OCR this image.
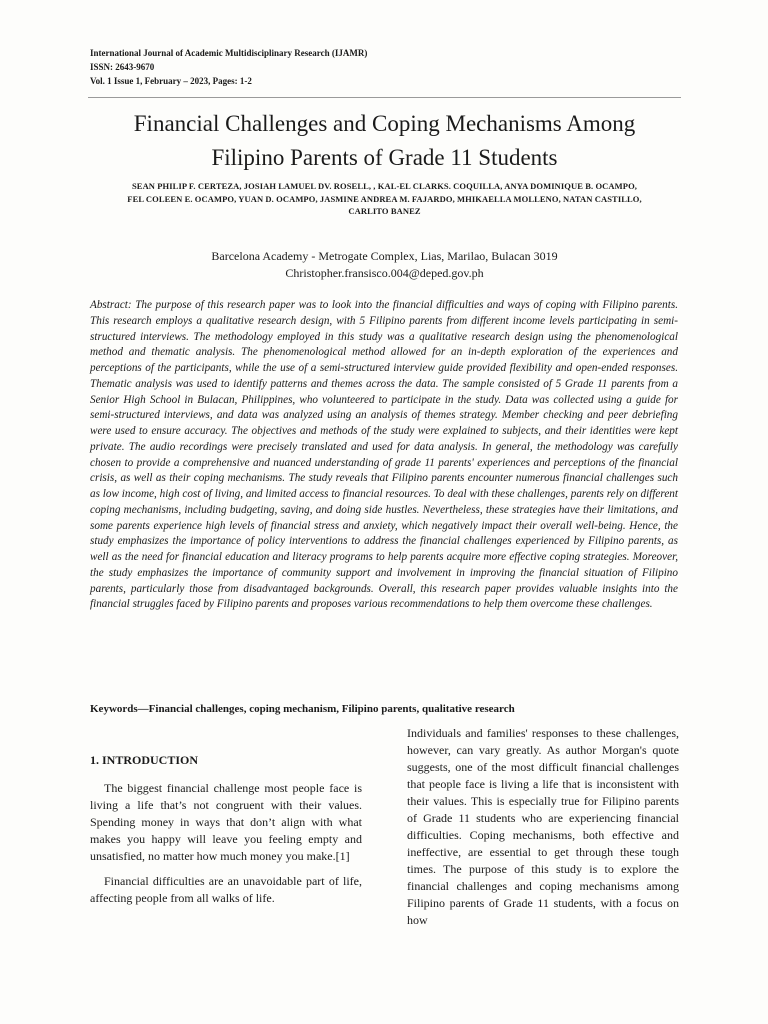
International Journal of Academic Multidisciplinary Research (IJAMR)
ISSN: 2643-9670
Vol. 1 Issue 1, February – 2023, Pages: 1-2
Financial Challenges and Coping Mechanisms Among
Filipino Parents of Grade 11 Students
SEAN PHILIP F. CERTEZA, JOSIAH LAMUEL DV. ROSELL, , KAL-EL CLARKS. COQUILLA, ANYA DOMINIQUE B. OCAMPO,
FEL COLEEN E. OCAMPO, YUAN D. OCAMPO, JASMINE ANDREA M. FAJARDO, MHIKAELLA MOLLENO, NATAN CASTILLO,
CARLITO BANEZ
Barcelona Academy - Metrogate Complex, Lias, Marilao, Bulacan 3019
Christopher.fransisco.004@deped.gov.ph
Abstract: The purpose of this research paper was to look into the financial difficulties and ways of coping with Filipino parents. This research employs a qualitative research design, with 5 Filipino parents from different income levels participating in semi-structured interviews. The methodology employed in this study was a qualitative research design using the phenomenological method and thematic analysis. The phenomenological method allowed for an in-depth exploration of the experiences and perceptions of the participants, while the use of a semi-structured interview guide provided flexibility and open-ended responses. Thematic analysis was used to identify patterns and themes across the data. The sample consisted of 5 Grade 11 parents from a Senior High School in Bulacan, Philippines, who volunteered to participate in the study. Data was collected using a guide for semi-structured interviews, and data was analyzed using an analysis of themes strategy. Member checking and peer debriefing were used to ensure accuracy. The objectives and methods of the study were explained to subjects, and their identities were kept private. The audio recordings were precisely translated and used for data analysis. In general, the methodology was carefully chosen to provide a comprehensive and nuanced understanding of grade 11 parents' experiences and perceptions of the financial crisis, as well as their coping mechanisms. The study reveals that Filipino parents encounter numerous financial challenges such as low income, high cost of living, and limited access to financial resources. To deal with these challenges, parents rely on different coping mechanisms, including budgeting, saving, and doing side hustles. Nevertheless, these strategies have their limitations, and some parents experience high levels of financial stress and anxiety, which negatively impact their overall well-being. Hence, the study emphasizes the importance of policy interventions to address the financial challenges experienced by Filipino parents, as well as the need for financial education and literacy programs to help parents acquire more effective coping strategies. Moreover, the study emphasizes the importance of community support and involvement in improving the financial situation of Filipino parents, particularly those from disadvantaged backgrounds. Overall, this research paper provides valuable insights into the financial struggles faced by Filipino parents and proposes various recommendations to help them overcome these challenges.
Keywords—Financial challenges, coping mechanism, Filipino parents, qualitative research
1. INTRODUCTION

The biggest financial challenge most people face is living a life that’s not congruent with their values. Spending money in ways that don’t align with what makes you happy will leave you feeling empty and unsatisfied, no matter how much money you make.[1]

Financial difficulties are an unavoidable part of life, affecting people from all walks of life.

Individuals and families' responses to these challenges, however, can vary greatly. As author Morgan's quote suggests, one of the most difficult financial challenges that people face is living a life that is inconsistent with their values. This is especially true for Filipino parents of Grade 11 students who are experiencing financial difficulties. Coping mechanisms, both effective and ineffective, are essential to get through these tough times. The purpose of this study is to explore the financial challenges and coping mechanisms among Filipino parents of Grade 11 students, with a focus on how
